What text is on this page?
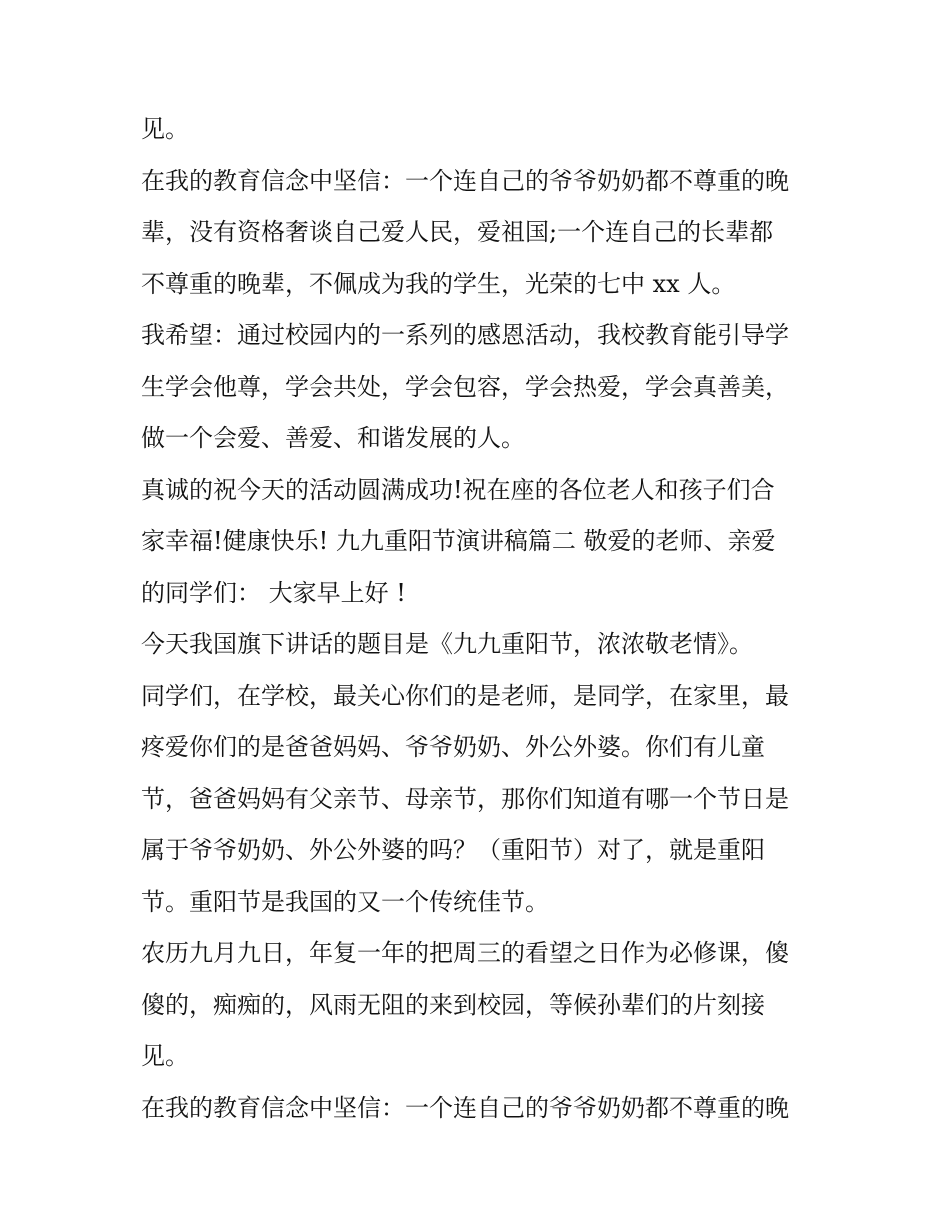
见。
在我的教育信念中坚信：一个连自己的爷爷奶奶都不尊重的晚
辈，没有资格奢谈自己爱人民，爱祖国;一个连自己的长辈都
不尊重的晚辈，不佩成为我的学生，光荣的七中 xx 人。
我希望：通过校园内的一系列的感恩活动，我校教育能引导学
生学会他尊，学会共处，学会包容，学会热爱，学会真善美，
做一个会爱、善爱、和谐发展的人。
真诚的祝今天的活动圆满成功!祝在座的各位老人和孩子们合
家幸福!健康快乐! 九九重阳节演讲稿篇二 敬爱的老师、亲爱
的同学们： 大家早上好 !
今天我国旗下讲话的题目是《九九重阳节，浓浓敬老情》。
同学们，在学校，最关心你们的是老师，是同学，在家里，最
疼爱你们的是爸爸妈妈、爷爷奶奶、外公外婆。你们有儿童
节，爸爸妈妈有父亲节、母亲节，那你们知道有哪一个节日是
属于爷爷奶奶、外公外婆的吗？（重阳节）对了，就是重阳
节。重阳节是我国的又一个传统佳节。
农历九月九日，年复一年的把周三的看望之日作为必修课，傻
傻的，痴痴的，风雨无阻的来到校园，等候孙辈们的片刻接
见。
在我的教育信念中坚信：一个连自己的爷爷奶奶都不尊重的晚
